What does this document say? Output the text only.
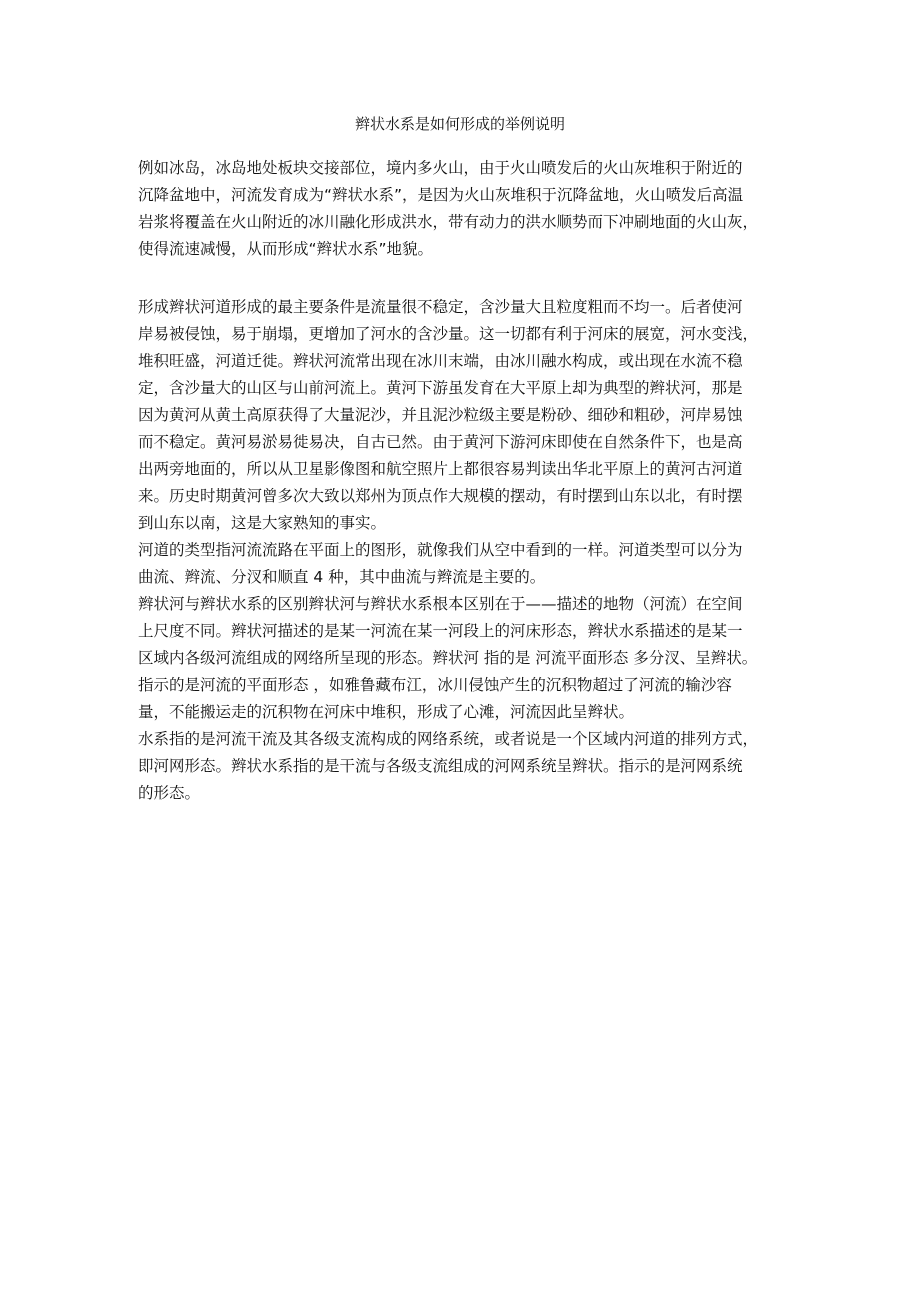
辫状水系是如何形成的举例说明
例如冰岛，冰岛地处板块交接部位，境内多火山，由于火山喷发后的火山灰堆积于附近的
沉降盆地中，河流发育成为“辫状水系”，是因为火山灰堆积于沉降盆地，火山喷发后高温
岩浆将覆盖在火山附近的冰川融化形成洪水，带有动力的洪水顺势而下冲刷地面的火山灰，
使得流速减慢，从而形成“辫状水系”地貌。
形成辫状河道形成的最主要条件是流量很不稳定，含沙量大且粒度粗而不均一。后者使河
岸易被侵蚀，易于崩塌，更增加了河水的含沙量。这一切都有利于河床的展宽，河水变浅，
堆积旺盛，河道迁徙。辫状河流常出现在冰川末端，由冰川融水构成，或出现在水流不稳
定，含沙量大的山区与山前河流上。黄河下游虽发育在大平原上却为典型的辫状河，那是
因为黄河从黄土高原获得了大量泥沙，并且泥沙粒级主要是粉砂、细砂和粗砂，河岸易蚀
而不稳定。黄河易淤易徙易决，自古已然。由于黄河下游河床即使在自然条件下，也是高
出两旁地面的，所以从卫星影像图和航空照片上都很容易判读出华北平原上的黄河古河道
来。历史时期黄河曾多次大致以郑州为顶点作大规模的摆动，有时摆到山东以北，有时摆
到山东以南，这是大家熟知的事实。
河道的类型指河流流路在平面上的图形，就像我们从空中看到的一样。河道类型可以分为
曲流、辫流、分汊和顺直 4 种，其中曲流与辫流是主要的。
辫状河与辫状水系的区别辫状河与辫状水系根本区别在于——描述的地物（河流）在空间
上尺度不同。辫状河描述的是某一河流在某一河段上的河床形态，辫状水系描述的是某一
区域内各级河流组成的网络所呈现的形态。辫状河 指的是 河流平面形态 多分汊、呈辫状。
指示的是河流的平面形态 ，如雅鲁藏布江，冰川侵蚀产生的沉积物超过了河流的输沙容
量，不能搬运走的沉积物在河床中堆积，形成了心滩，河流因此呈辫状。
水系指的是河流干流及其各级支流构成的网络系统，或者说是一个区域内河道的排列方式，
即河网形态。辫状水系指的是干流与各级支流组成的河网系统呈辫状。指示的是河网系统
的形态。
